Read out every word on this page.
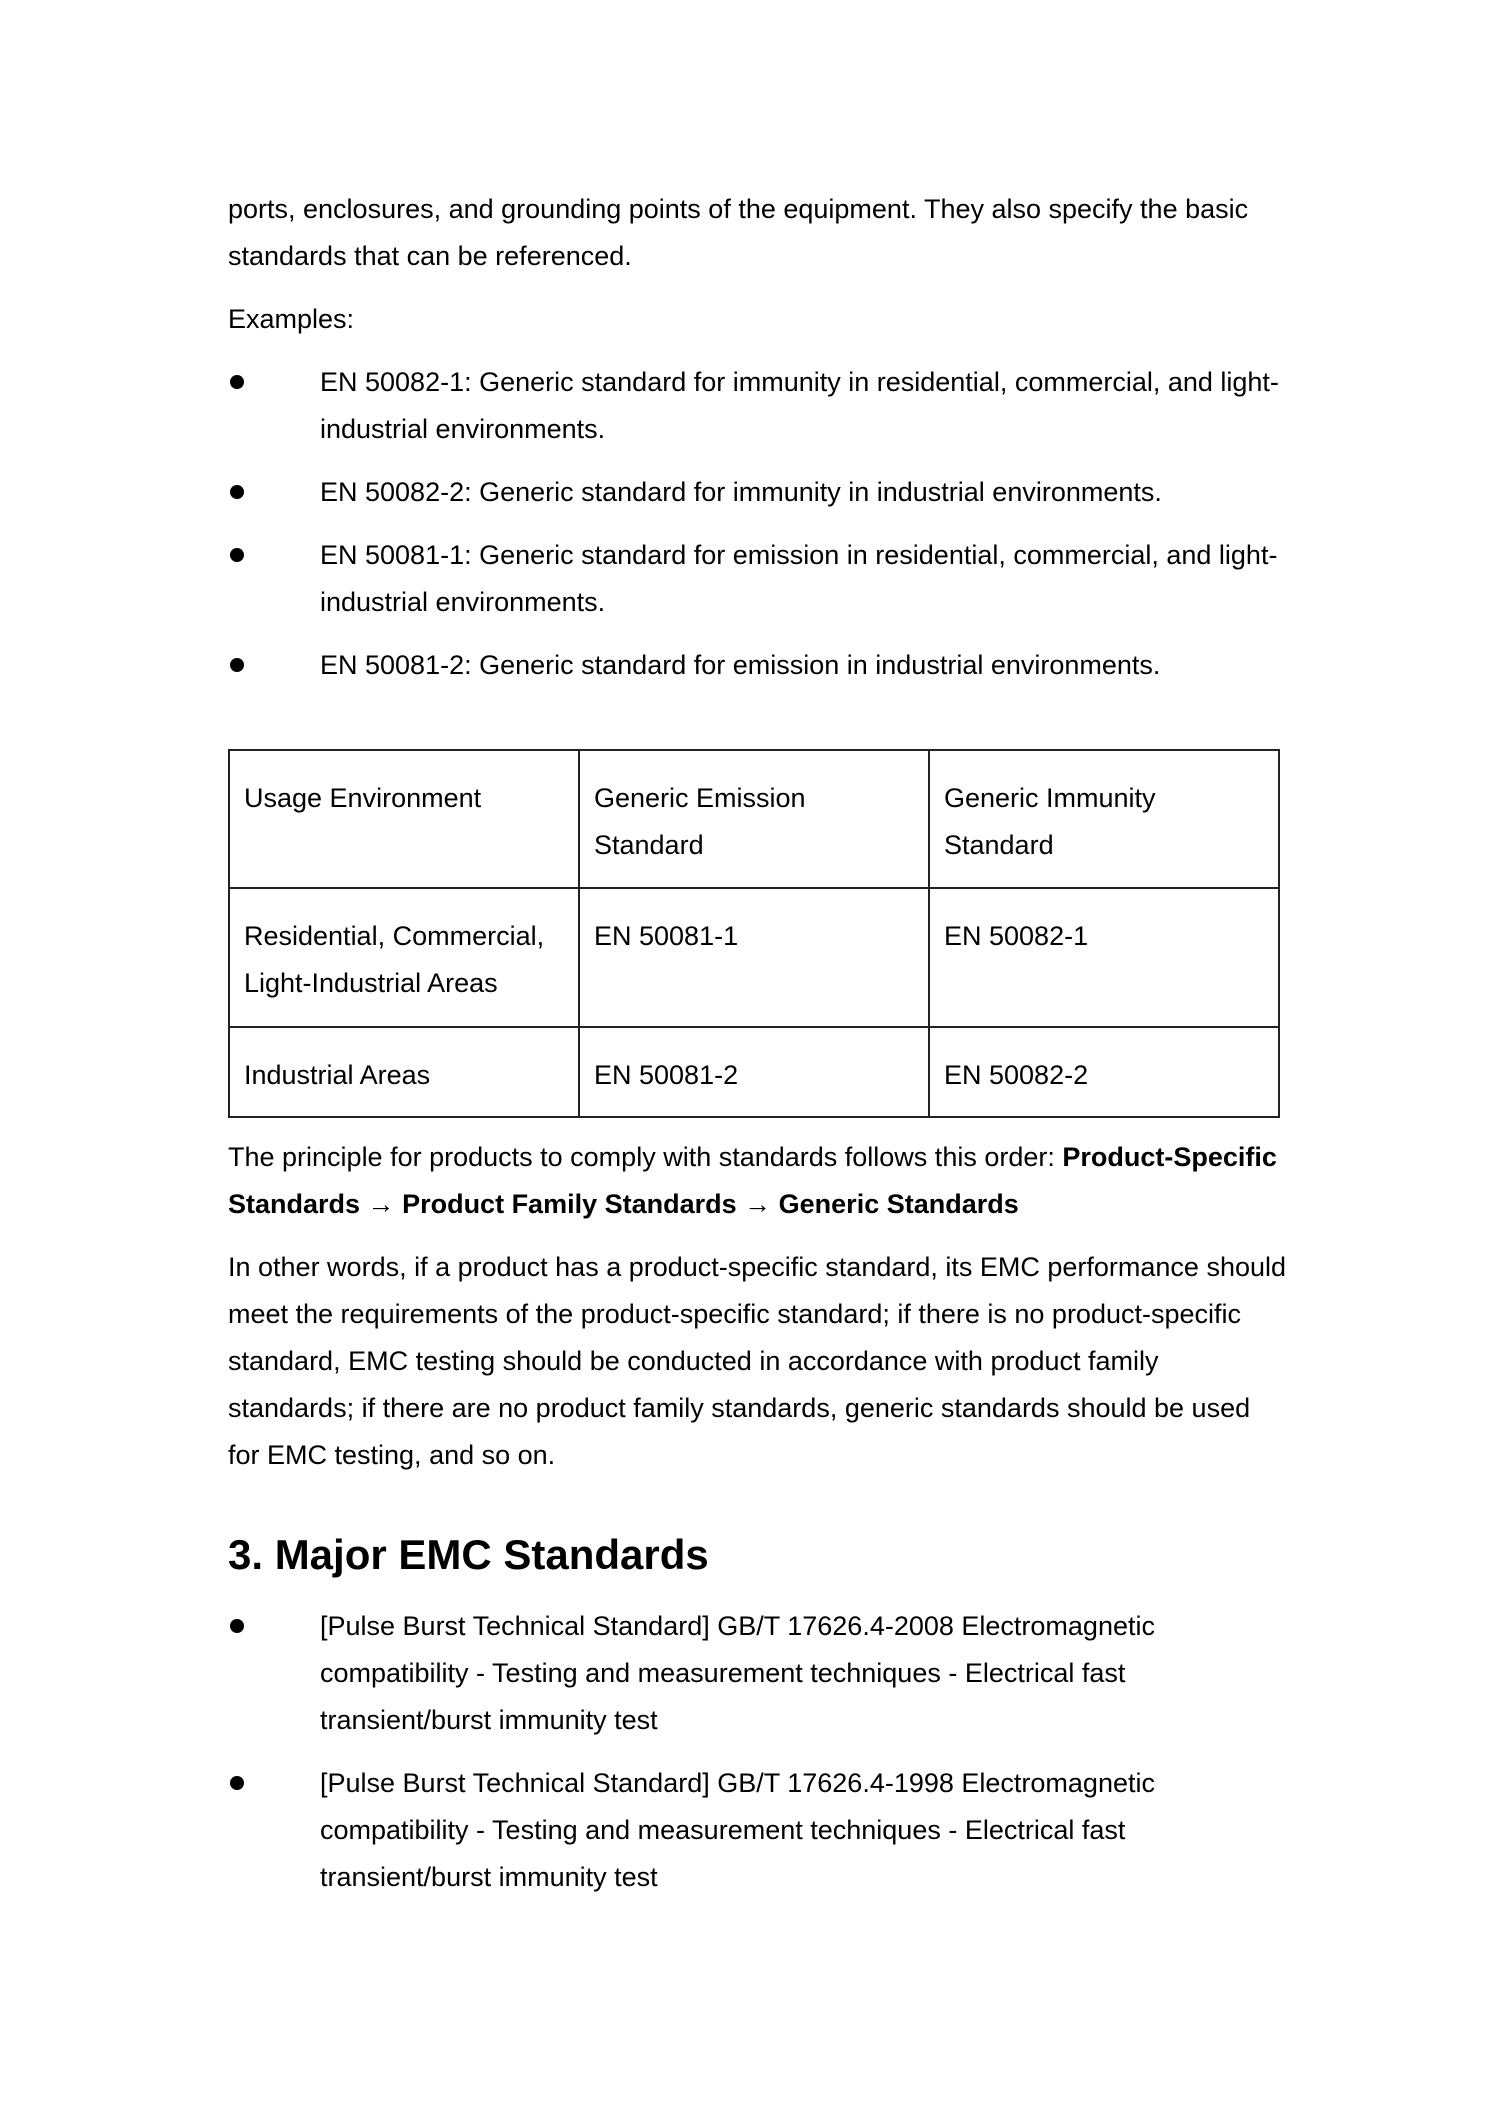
ports, enclosures, and grounding points of the equipment. They also specify the basic standards that can be referenced.

Examples:

EN 50082-1: Generic standard for immunity in residential, commercial, and light-industrial environments.
EN 50082-2: Generic standard for immunity in industrial environments.
EN 50081-1: Generic standard for emission in residential, commercial, and light-industrial environments.
EN 50081-2: Generic standard for emission in industrial environments.
Usage Environment	Generic Emission Standard	Generic Immunity Standard
Residential, Commercial, Light-Industrial Areas	EN 50081-1	EN 50082-1
Industrial Areas	EN 50081-2	EN 50082-2

The principle for products to comply with standards follows this order: Product-Specific Standards → Product Family Standards → Generic Standards

In other words, if a product has a product-specific standard, its EMC performance should meet the requirements of the product-specific standard; if there is no product-specific standard, EMC testing should be conducted in accordance with product family standards; if there are no product family standards, generic standards should be used for EMC testing, and so on.

3. Major EMC Standards
[Pulse Burst Technical Standard] GB/T 17626.4-2008 Electromagnetic compatibility - Testing and measurement techniques - Electrical fast transient/burst immunity test
[Pulse Burst Technical Standard] GB/T 17626.4-1998 Electromagnetic compatibility - Testing and measurement techniques - Electrical fast transient/burst immunity test
